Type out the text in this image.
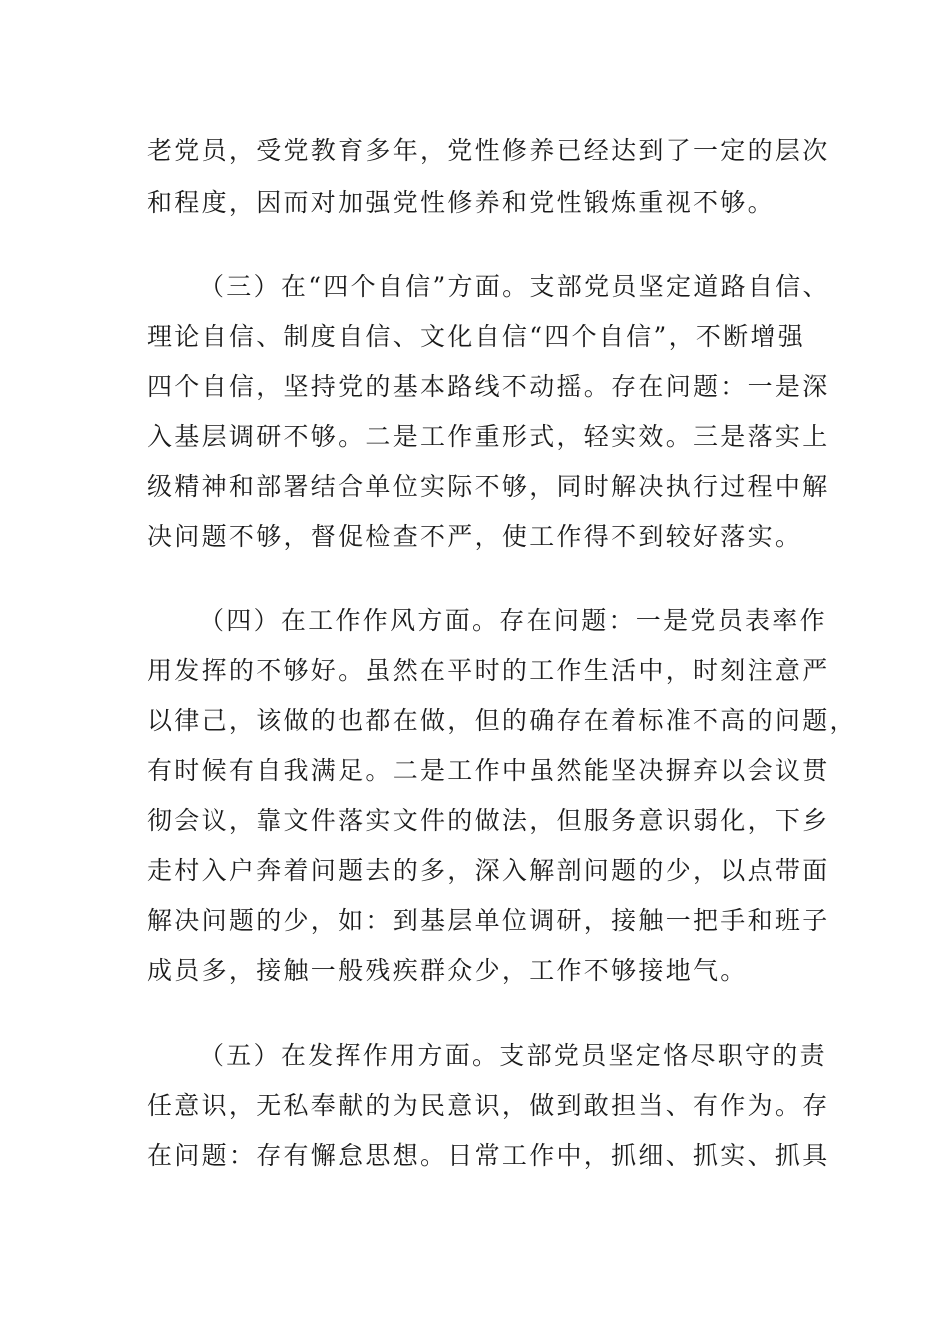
老党员，受党教育多年，党性修养已经达到了一定的层次
和程度，因而对加强党性修养和党性锻炼重视不够。
（三）在“四个自信”方面。支部党员坚定道路自信、
理论自信、制度自信、文化自信“四个自信”，不断增强
四个自信，坚持党的基本路线不动摇。存在问题：一是深
入基层调研不够。二是工作重形式，轻实效。三是落实上
级精神和部署结合单位实际不够，同时解决执行过程中解
决问题不够，督促检查不严，使工作得不到较好落实。
（四）在工作作风方面。存在问题：一是党员表率作
用发挥的不够好。虽然在平时的工作生活中，时刻注意严
以律己，该做的也都在做，但的确存在着标准不高的问题，
有时候有自我满足。二是工作中虽然能坚决摒弃以会议贯
彻会议，靠文件落实文件的做法，但服务意识弱化，下乡
走村入户奔着问题去的多，深入解剖问题的少，以点带面
解决问题的少，如：到基层单位调研，接触一把手和班子
成员多，接触一般残疾群众少，工作不够接地气。
（五）在发挥作用方面。支部党员坚定恪尽职守的责
任意识，无私奉献的为民意识，做到敢担当、有作为。存
在问题：存有懈怠思想。日常工作中，抓细、抓实、抓具
